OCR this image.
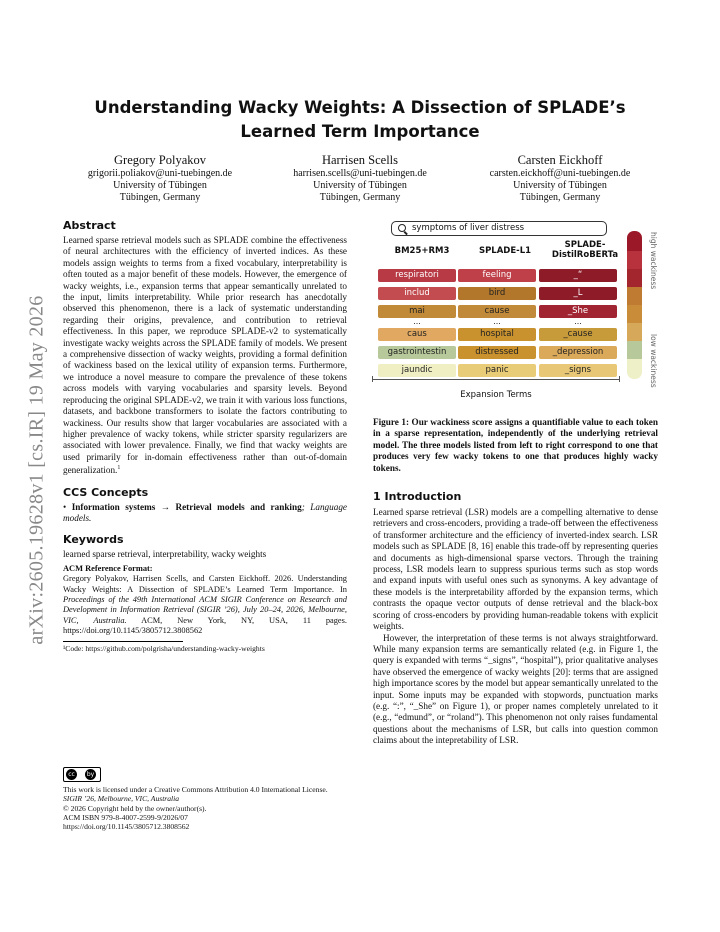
arXiv:2605.19628v1 [cs.IR] 19 May 2026
Understanding Wacky Weights: A Dissection of SPLADE’s
Learned Term Importance
Gregory Polyakov
grigorii.poliakov@uni-tuebingen.de
University of Tübingen
Tübingen, Germany
Harrisen Scells
harrisen.scells@uni-tuebingen.de
University of Tübingen
Tübingen, Germany
Carsten Eickhoff
carsten.eickhoff@uni-tuebingen.de
University of Tübingen
Tübingen, Germany
Abstract

Learned sparse retrieval models such as SPLADE combine the effectiveness of neural architectures with the efficiency of inverted indices. As these models assign weights to terms from a fixed vocabulary, interpretability is often touted as a major benefit of these models. However, the emergence of wacky weights, i.e., expansion terms that appear semantically unrelated to the input, limits interpretability. While prior research has anecdotally observed this phenomenon, there is a lack of systematic understanding regarding their origins, prevalence, and contribution to retrieval effectiveness. In this paper, we reproduce SPLADE-v2 to systematically investigate wacky weights across the SPLADE family of models. We present a comprehensive dissection of wacky weights, providing a formal definition of wackiness based on the lexical utility of expansion terms. Furthermore, we introduce a novel measure to compare the prevalence of these tokens across models with varying vocabularies and sparsity levels. Beyond reproducing the original SPLADE-v2, we train it with various loss functions, datasets, and backbone transformers to isolate the factors contributing to wackiness. Our results show that larger vocabularies are associated with a higher prevalence of wacky tokens, while stricter sparsity regularizers are associated with lower prevalence. Finally, we find that wacky weights are used primarily for in-domain effectiveness rather than out-of-domain generalization.$^1$

CCS Concepts

• Information systems → Retrieval models and ranking; Language models.

Keywords

learned sparse retrieval, interpretability, wacky weights

ACM Reference Format:
Gregory Polyakov, Harrisen Scells, and Carsten Eickhoff. 2026. Understanding Wacky Weights: A Dissection of SPLADE’s Learned Term Importance. In Proceedings of the 49th International ACM SIGIR Conference on Research and Development in Information Retrieval (SIGIR ’26), July 20–24, 2026, Melbourne, VIC, Australia. ACM, New York, NY, USA, 11 pages. https://doi.org/10.1145/3805712.3808562

¹Code: https://github.com/polgrisha/understanding-wacky-weights

cc	by

This work is licensed under a Creative Commons Attribution 4.0 International License.

SIGIR ’26, Melbourne, VIC, Australia

© 2026 Copyright held by the owner/author(s).

ACM ISBN 979-8-4007-2599-9/2026/07

https://doi.org/10.1145/3805712.3808562

symptoms of liver distress
BM25+RM3	SPLADE-L1
SPLADE-
DistilRoBERTa
respiratori
includ
mai
...
caus
gastrointestin
jaundic
feeling
bird
cause
...
hospital
distressed
panic
_“
_L
_She
...
_cause
_depression
_signs
high wackiness
low wackiness
Expansion Terms

Figure 1: Our wackiness score assigns a quantifiable value to each token in a sparse representation, independently of the underlying retrieval model. The three models listed from left to right correspond to one that produces very few wacky tokens to one that produces highly wacky tokens.

1 Introduction

Learned sparse retrieval (LSR) models are a compelling alternative to dense retrievers and cross-encoders, providing a trade-off between the effectiveness of transformer architecture and the efficiency of inverted-index search. LSR models such as SPLADE [8, 16] enable this trade-off by representing queries and documents as high-dimensional sparse vectors. Through the training process, LSR models learn to suppress spurious terms such as stop words and expand inputs with useful ones such as synonyms. A key advantage of these models is the interpretability afforded by the expansion terms, which contrasts the opaque vector outputs of dense retrieval and the black-box scoring of cross-encoders by providing human-readable tokens with explicit weights.

However, the interpretation of these terms is not always straightforward. While many expansion terms are semantically related (e.g. in Figure 1, the query is expanded with terms “_signs”, “hospital”), prior qualitative analyses have observed the emergence of wacky weights [20]: terms that are assigned high importance scores by the model but appear semantically unrelated to the input. Some inputs may be expanded with stopwords, punctuation marks (e.g. “:”, “_She” on Figure 1), or proper names completely unrelated to it (e.g., “edmund”, or “roland”). This phenomenon not only raises fundamental questions about the mechanisms of LSR, but calls into question common claims about the intepretability of LSR.
